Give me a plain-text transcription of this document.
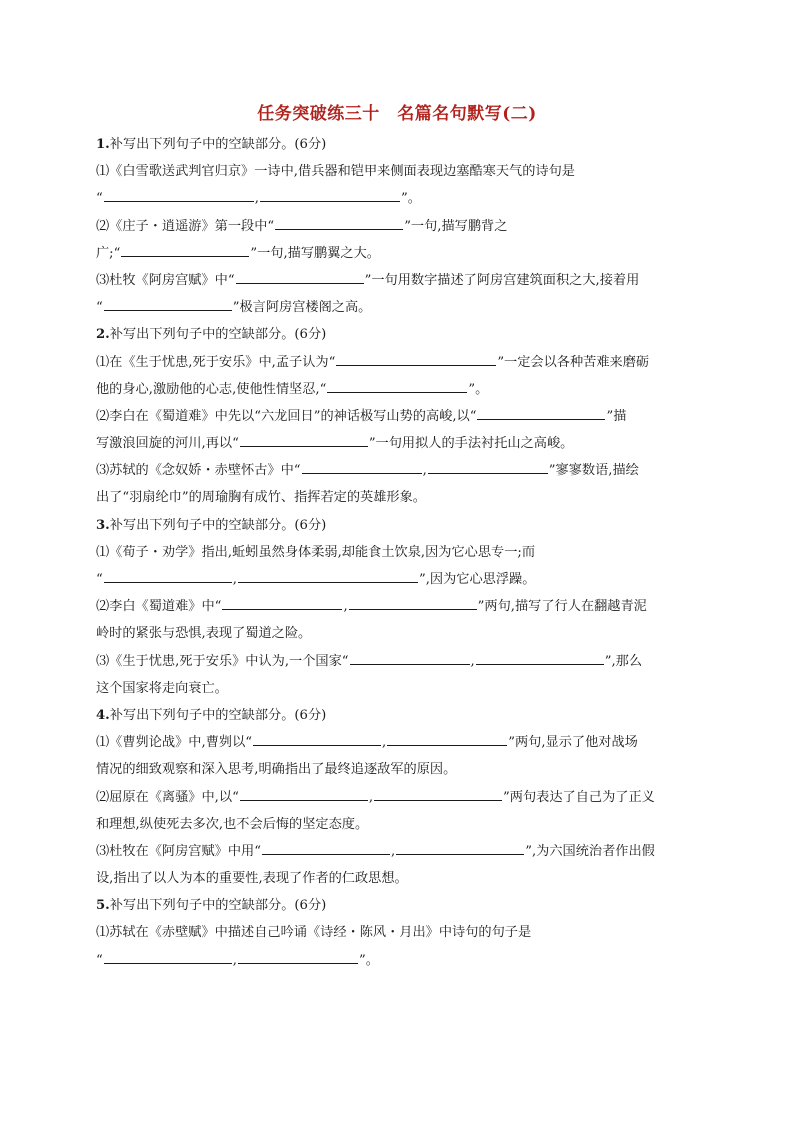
任务突破练三十　名篇名句默写(二)
1.补写出下列句子中的空缺部分。(6分)
⑴《白雪歌送武判官归京》一诗中,借兵器和铠甲来侧面表现边塞酷寒天气的诗句是
“	,	”。
⑵《庄子・逍遥游》第一段中“	”一句,描写鹏背之
广;“	”一句,描写鹏翼之大。
⑶杜牧《阿房宫赋》中“	”一句用数字描述了阿房宫建筑面积之大,接着用
“	”极言阿房宫楼阁之高。
2.补写出下列句子中的空缺部分。(6分)
⑴在《生于忧患,死于安乐》中,孟子认为“	”一定会以各种苦难来磨砺
他的身心,激励他的心志,使他性情坚忍,“	”。
⑵李白在《蜀道难》中先以“六龙回日”的神话极写山势的高峻,以“	”描
写激浪回旋的河川,再以“	”一句用拟人的手法衬托山之高峻。
⑶苏轼的《念奴娇・赤壁怀古》中“	,	”寥寥数语,描绘
出了“羽扇纶巾”的周瑜胸有成竹、指挥若定的英雄形象。
3.补写出下列句子中的空缺部分。(6分)
⑴《荀子・劝学》指出,蚯蚓虽然身体柔弱,却能食土饮泉,因为它心思专一;而
“	,	”,因为它心思浮躁。
⑵李白《蜀道难》中“	,	”两句,描写了行人在翻越青泥
岭时的紧张与恐惧,表现了蜀道之险。
⑶《生于忧患,死于安乐》中认为,一个国家“	,	”,那么
这个国家将走向衰亡。
4.补写出下列句子中的空缺部分。(6分)
⑴《曹刿论战》中,曹刿以“	,	”两句,显示了他对战场
情况的细致观察和深入思考,明确指出了最终追逐敌军的原因。
⑵屈原在《离骚》中,以“	,	”两句表达了自己为了正义
和理想,纵使死去多次,也不会后悔的坚定态度。
⑶杜牧在《阿房宫赋》中用“	,	”,为六国统治者作出假
设,指出了以人为本的重要性,表现了作者的仁政思想。
5.补写出下列句子中的空缺部分。(6分)
⑴苏轼在《赤壁赋》中描述自己吟诵《诗经・陈风・月出》中诗句的句子是
“	,	”。
